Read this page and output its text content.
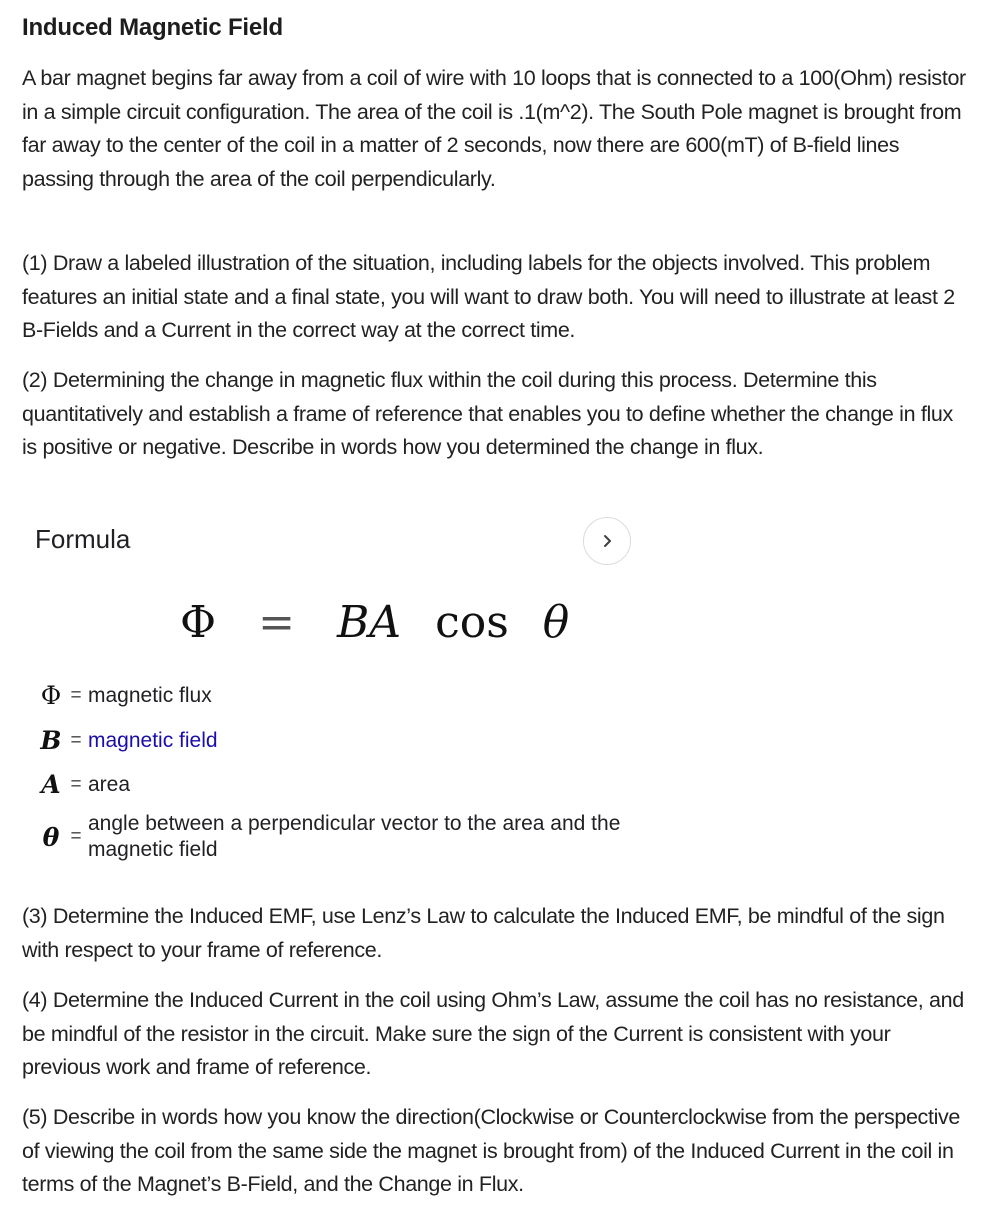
Induced Magnetic Field
A bar magnet begins far away from a coil of wire with 10 loops that is connected to a 100(Ohm) resistor in a simple circuit configuration. The area of the coil is .1(m^2). The South Pole magnet is brought from far away to the center of the coil in a matter of 2 seconds, now there are 600(mT) of B-field lines passing through the area of the coil perpendicularly.
(1) Draw a labeled illustration of the situation, including labels for the objects involved. This problem features an initial state and a final state, you will want to draw both. You will need to illustrate at least 2 B-Fields and a Current in the correct way at the correct time.
(2) Determining the change in magnetic flux within the coil during this process. Determine this quantitatively and establish a frame of reference that enables you to define whether the change in flux is positive or negative. Describe in words how you determined the change in flux.
Formula
Φ = BA cos θ
Φ = magnetic flux
B = magnetic field
A = area
θ =
angle between a perpendicular vector to the area and the magnetic field
(3) Determine the Induced EMF, use Lenz’s Law to calculate the Induced EMF, be mindful of the sign with respect to your frame of reference.
(4) Determine the Induced Current in the coil using Ohm’s Law, assume the coil has no resistance, and be mindful of the resistor in the circuit. Make sure the sign of the Current is consistent with your previous work and frame of reference.
(5) Describe in words how you know the direction(Clockwise or Counterclockwise from the perspective of viewing the coil from the same side the magnet is brought from) of the Induced Current in the coil in terms of the Magnet’s B-Field, and the Change in Flux.
